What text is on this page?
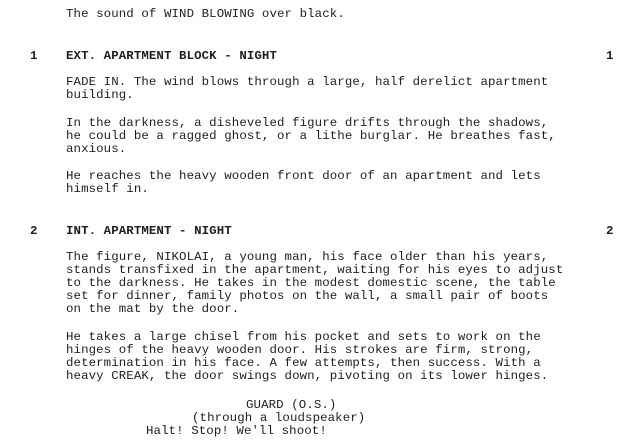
The sound of WIND BLOWING over black.
1 EXT. APARTMENT BLOCK - NIGHT	1
FADE IN. The wind blows through a large, half derelict apartment
building.
In the darkness, a disheveled figure drifts through the shadows,
he could be a ragged ghost, or a lithe burglar. He breathes fast,
anxious.
He reaches the heavy wooden front door of an apartment and lets
himself in.
2 INT. APARTMENT - NIGHT	2
The figure, NIKOLAI, a young man, his face older than his years,
stands transfixed in the apartment, waiting for his eyes to adjust
to the darkness. He takes in the modest domestic scene, the table
set for dinner, family photos on the wall, a small pair of boots
on the mat by the door.
He takes a large chisel from his pocket and sets to work on the
hinges of the heavy wooden door. His strokes are firm, strong,
determination in his face. A few attempts, then success. With a
heavy CREAK, the door swings down, pivoting on its lower hinges.
GUARD (O.S.)
(through a loudspeaker)
Halt! Stop! We'll shoot!
